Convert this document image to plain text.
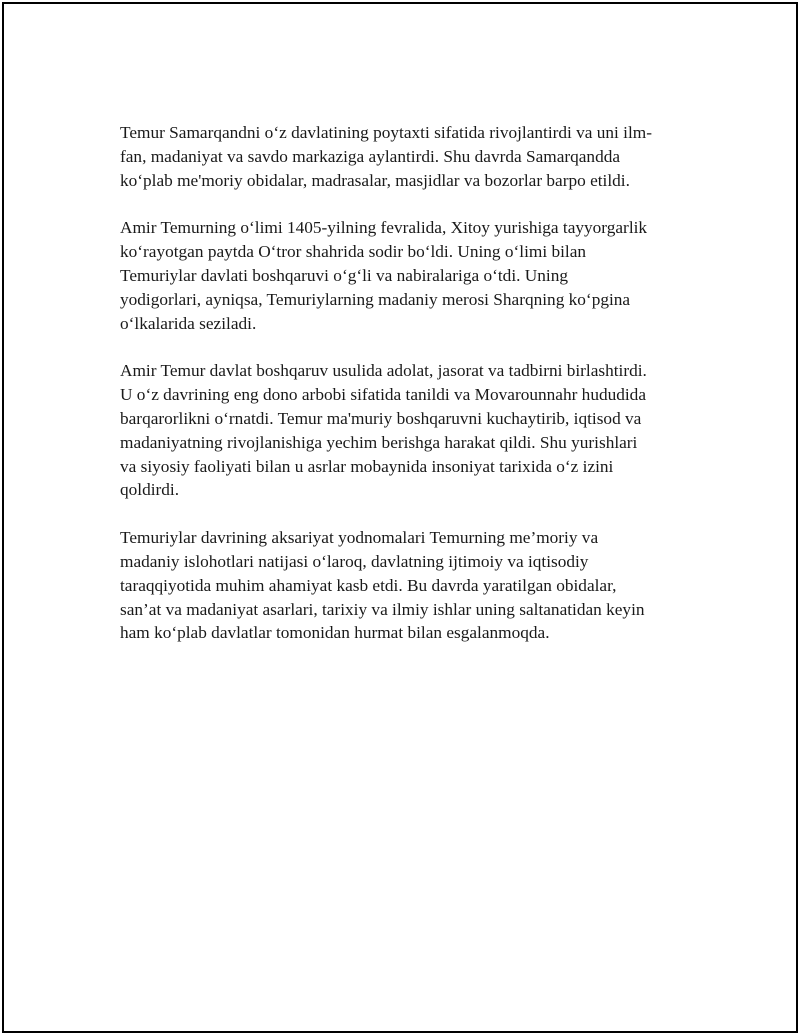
Temur Samarqandni o‘z davlatining poytaxti sifatida rivojlantirdi va uni ilm-
fan, madaniyat va savdo markaziga aylantirdi. Shu davrda Samarqandda
ko‘plab me'moriy obidalar, madrasalar, masjidlar va bozorlar barpo etildi.

Amir Temurning o‘limi 1405-yilning fevralida, Xitoy yurishiga tayyorgarlik
ko‘rayotgan paytda O‘tror shahrida sodir bo‘ldi. Uning o‘limi bilan
Temuriylar davlati boshqaruvi o‘g‘li va nabiralariga o‘tdi. Uning
yodigorlari, ayniqsa, Temuriylarning madaniy merosi Sharqning ko‘pgina
o‘lkalarida seziladi.

Amir Temur davlat boshqaruv usulida adolat, jasorat va tadbirni birlashtirdi.
U o‘z davrining eng dono arbobi sifatida tanildi va Movarounnahr hududida
barqarorlikni o‘rnatdi. Temur ma'muriy boshqaruvni kuchaytirib, iqtisod va
madaniyatning rivojlanishiga yechim berishga harakat qildi. Shu yurishlari
va siyosiy faoliyati bilan u asrlar mobaynida insoniyat tarixida o‘z izini
qoldirdi.

Temuriylar davrining aksariyat yodnomalari Temurning me’moriy va
madaniy islohotlari natijasi o‘laroq, davlatning ijtimoiy va iqtisodiy
taraqqiyotida muhim ahamiyat kasb etdi. Bu davrda yaratilgan obidalar,
san’at va madaniyat asarlari, tarixiy va ilmiy ishlar uning saltanatidan keyin
ham ko‘plab davlatlar tomonidan hurmat bilan esgalanmoqda.
